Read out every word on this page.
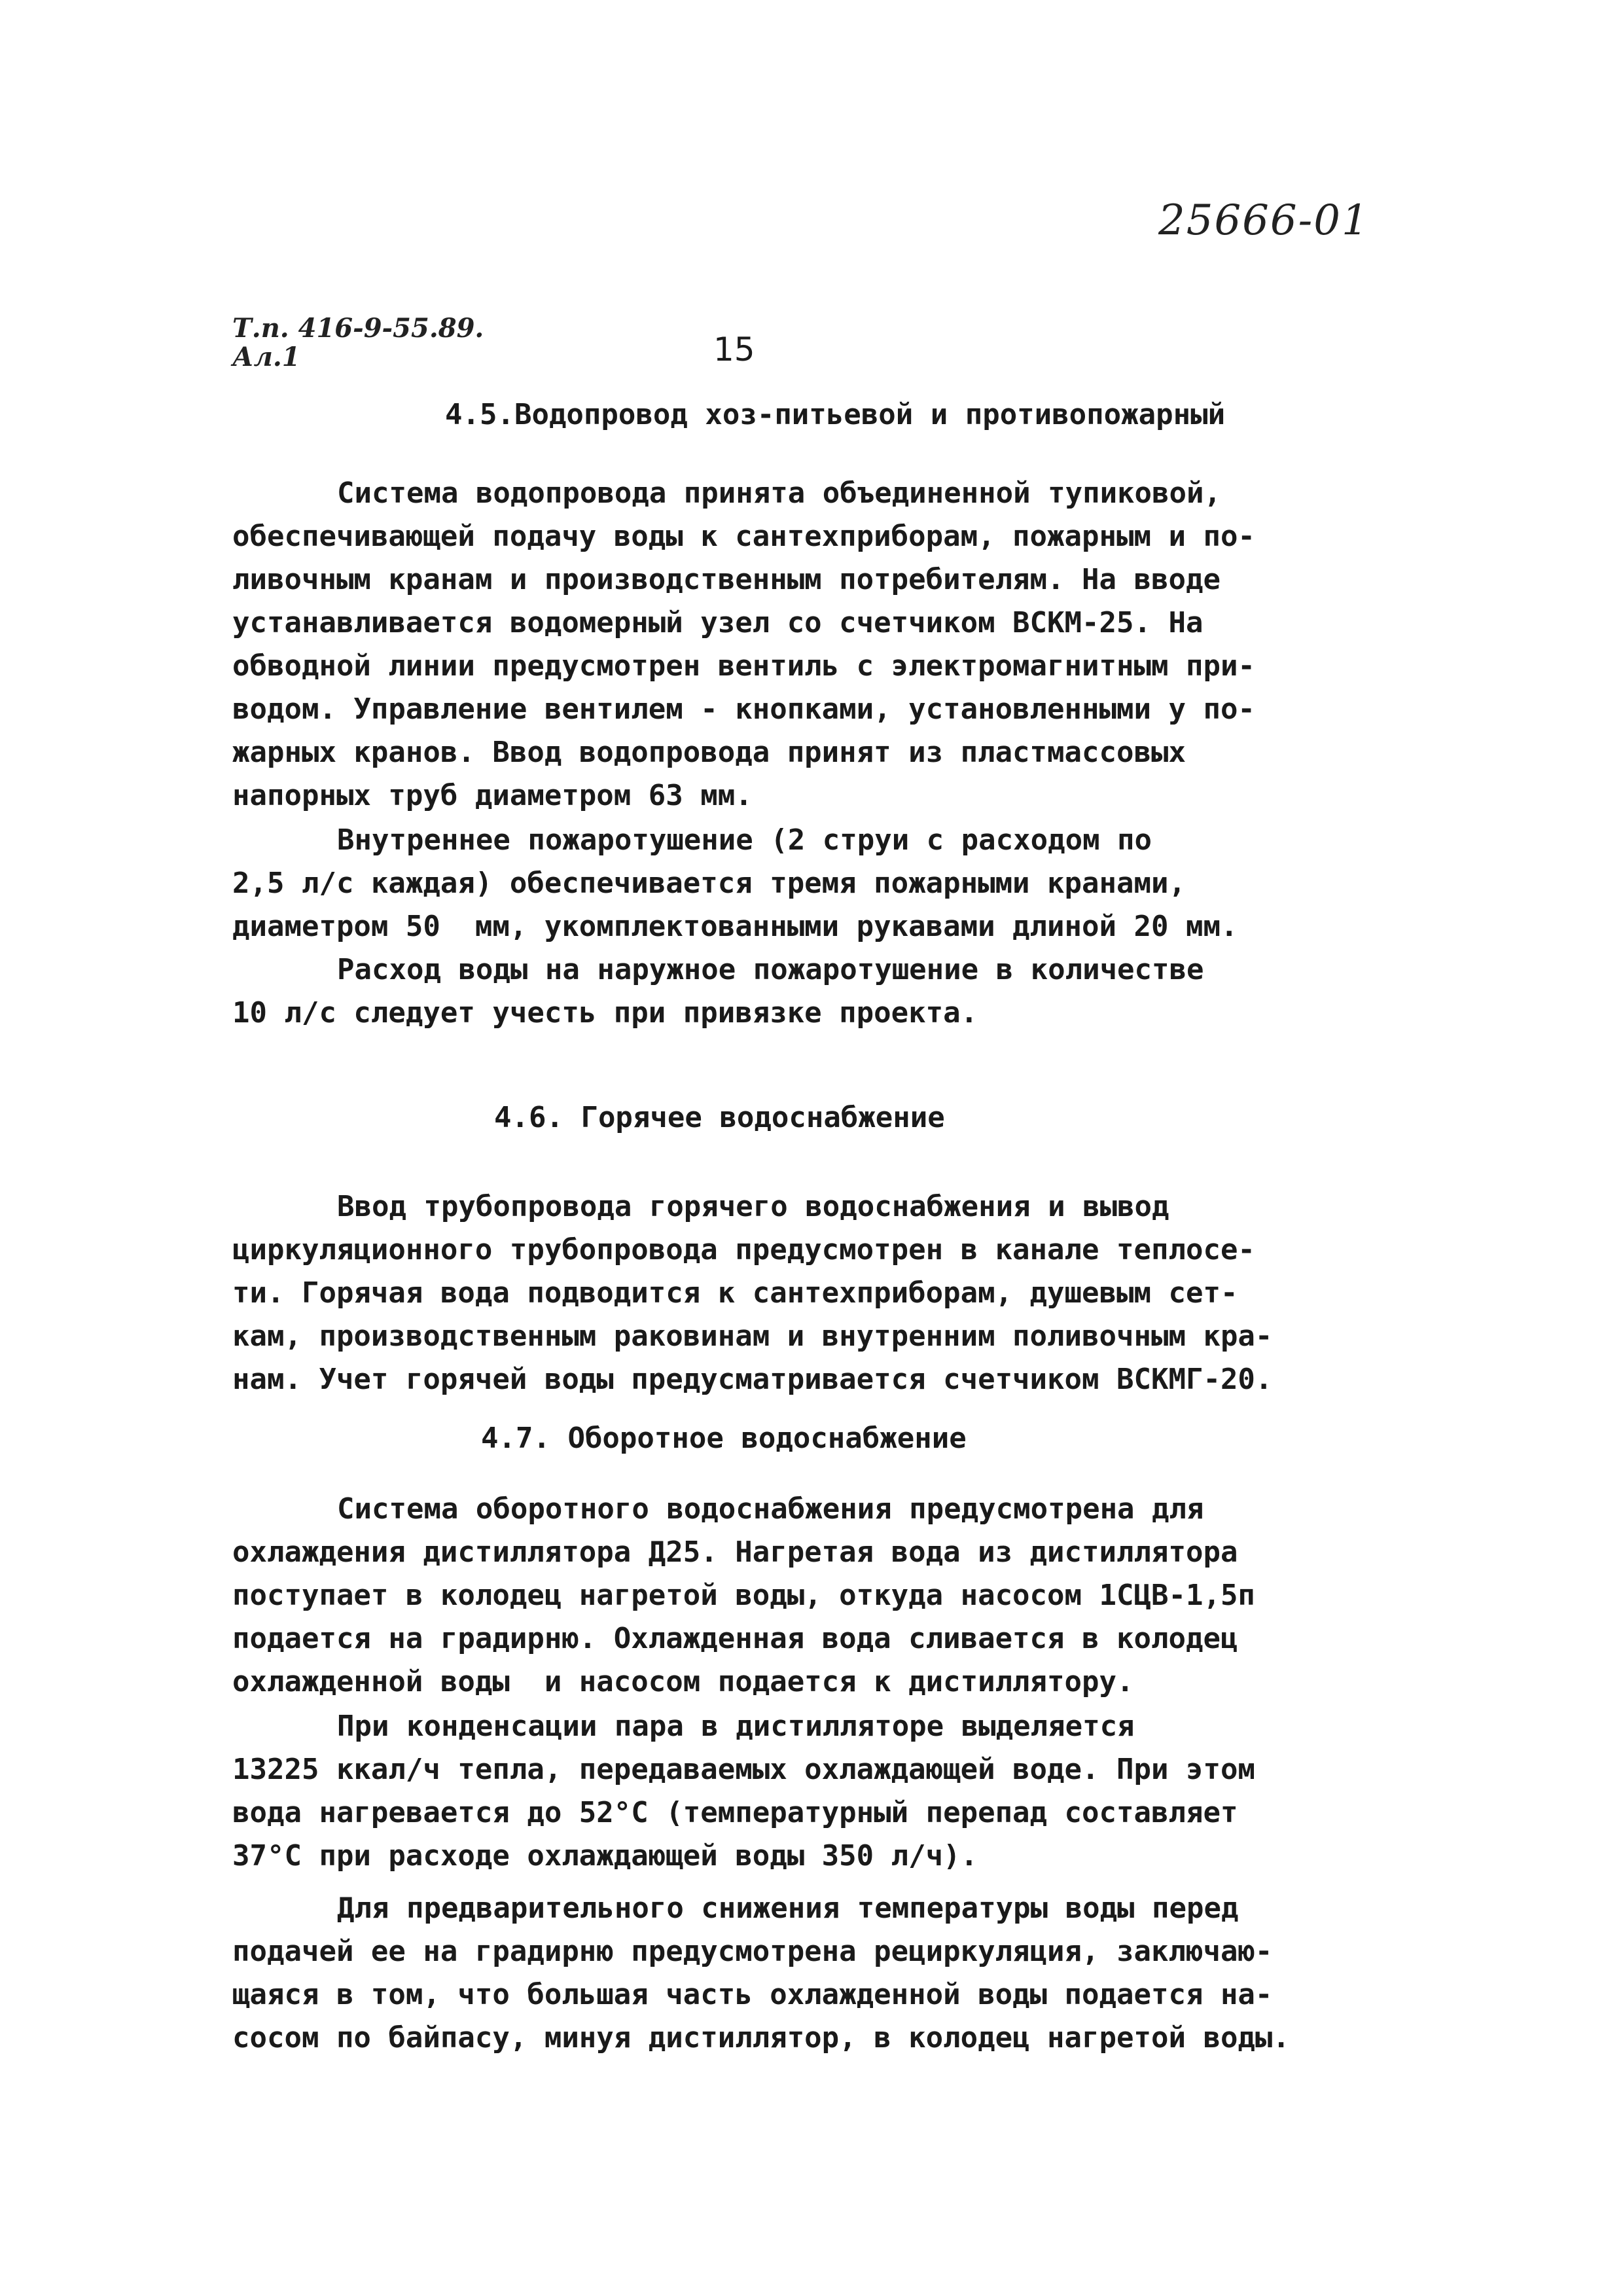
25666-01
Т.п. 416-9-55.89.
Ал.1	15
4.5.Водопровод хоз-питьевой и противопожарный
Система водопровода принята объединенной тупиковой,
обеспечивающей подачу воды к сантехприборам, пожарным и по-
ливочным кранам и производственным потребителям. На вводе
устанавливается водомерный узел со счетчиком ВСКМ-25. На
обводной линии предусмотрен вентиль с электромагнитным при-
водом. Управление вентилем - кнопками, установленными у по-
жарных кранов. Ввод водопровода принят из пластмассовых
напорных труб диаметром 63 мм.
Внутреннее пожаротушение (2 струи с расходом по
2,5 л/с каждая) обеспечивается тремя пожарными кранами,
диаметром 50  мм, укомплектованными рукавами длиной 20 мм.
Расход воды на наружное пожаротушение в количестве
10 л/с следует учесть при привязке проекта.
4.6. Горячее водоснабжение
Ввод трубопровода горячего водоснабжения и вывод
циркуляционного трубопровода предусмотрен в канале теплосе-
ти. Горячая вода подводится к сантехприборам, душевым сет-
кам, производственным раковинам и внутренним поливочным кра-
нам. Учет горячей воды предусматривается счетчиком ВСКМГ-20.
4.7. Оборотное водоснабжение
Система оборотного водоснабжения предусмотрена для
охлаждения дистиллятора Д25. Нагретая вода из дистиллятора
поступает в колодец нагретой воды, откуда насосом 1СЦВ-1,5п
подается на градирню. Охлажденная вода сливается в колодец
охлажденной воды  и насосом подается к дистиллятору.
При конденсации пара в дистилляторе выделяется
13225 ккал/ч тепла, передаваемых охлаждающей воде. При этом
вода нагревается до 52°С (температурный перепад составляет
37°С при расходе охлаждающей воды 350 л/ч).
Для предварительного снижения температуры воды перед
подачей ее на градирню предусмотрена рециркуляция, заключаю-
щаяся в том, что большая часть охлажденной воды подается на-
сосом по байпасу, минуя дистиллятор, в колодец нагретой воды.
